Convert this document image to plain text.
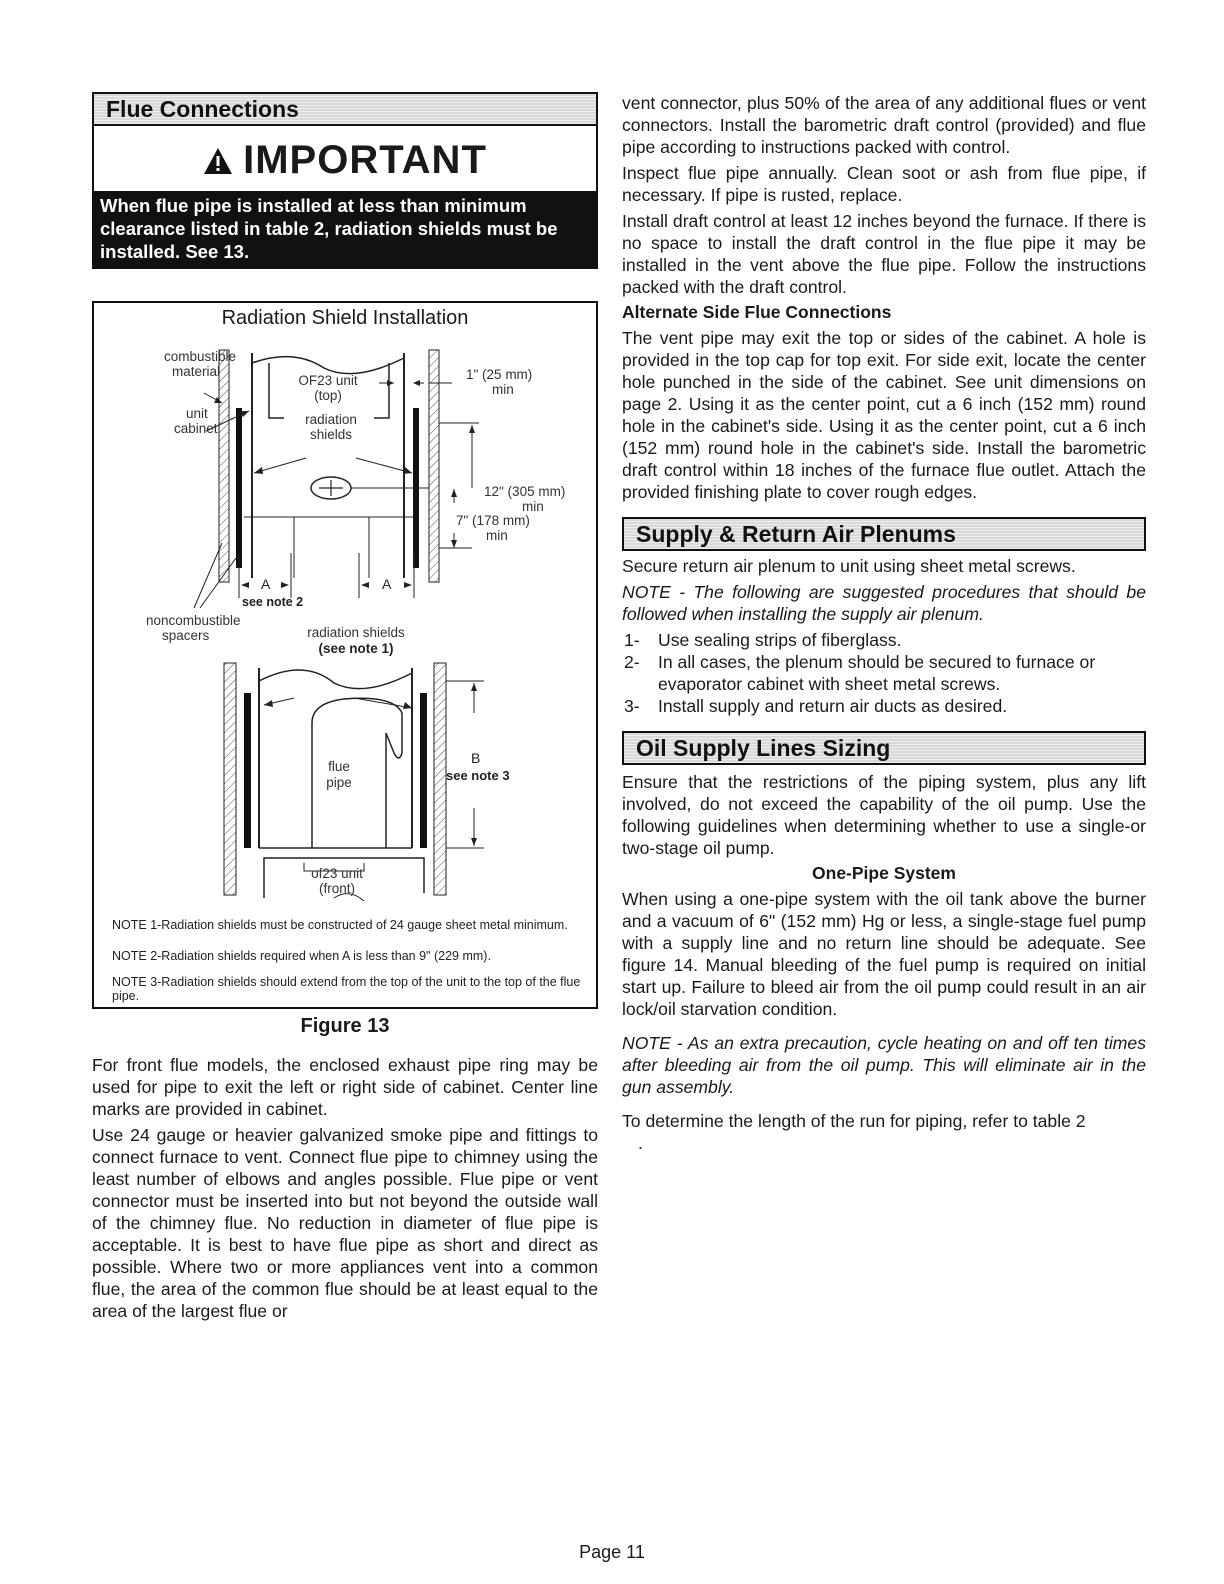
Flue Connections
IMPORTANT
When flue pipe is installed at less than minimum clearance listed in table 2, radiation shields must be installed. See 13.
Radiation Shield Installation
combustible
material
unit
cabinet
OF23 unit
(top)
radiation
shields
1" (25 mm)
min
12" (305 mm)
min
7" (178 mm)
min
A	A
see note 2
noncombustible
spacers	radiation shields
(see note 1)
flue
pipe
B
see note 3
of23 unit
(front)
NOTE 1-Radiation shields must be constructed of 24 gauge sheet metal minimum.
NOTE 2-Radiation shields required when A is less than 9" (229 mm).
NOTE 3-Radiation shields should extend from the top of the unit to the top of the flue pipe.
Figure 13

For front flue models, the enclosed exhaust pipe ring may be used for pipe to exit the left or right side of cabinet. Center line marks are provided in cabinet.

Use 24 gauge or heavier galvanized smoke pipe and fittings to connect furnace to vent. Connect flue pipe to chimney using the least number of elbows and angles possible. Flue pipe or vent connector must be inserted into but not beyond the outside wall of the chimney flue. No reduction in diameter of flue pipe is acceptable. It is best to have flue pipe as short and direct as possible. Where two or more appliances vent into a common flue, the area of the common flue should be at least equal to the area of the largest flue or

vent connector, plus 50% of the area of any additional flues or vent connectors. Install the barometric draft control (provided) and flue pipe according to instructions packed with control.

Inspect flue pipe annually. Clean soot or ash from flue pipe, if necessary. If pipe is rusted, replace.

Install draft control at least 12 inches beyond the furnace. If there is no space to install the draft control in the flue pipe it may be installed in the vent above the flue pipe. Follow the instructions packed with the draft control.

Alternate Side Flue Connections

The vent pipe may exit the top or sides of the cabinet. A hole is provided in the top cap for top exit. For side exit, locate the center hole punched in the side of the cabinet. See unit dimensions on page 2. Using it as the center point, cut a 6 inch (152 mm) round hole in the cabinet's side. Using it as the center point, cut a 6 inch (152 mm) round hole in the cabinet's side. Install the barometric draft control within 18 inches of the furnace flue outlet. Attach the provided finishing plate to cover rough edges.

Supply & Return Air Plenums

Secure return air plenum to unit using sheet metal screws.

NOTE - The following are suggested procedures that should be followed when installing the supply air plenum.

1-	Use sealing strips of fiberglass.
2-	In all cases, the plenum should be secured to furnace or evaporator cabinet with sheet metal screws.
3-	Install supply and return air ducts as desired.
Oil Supply Lines Sizing

Ensure that the restrictions of the piping system, plus any lift involved, do not exceed the capability of the oil pump. Use the following guidelines when determining whether to use a single-or two-stage oil pump.

One-Pipe System

When using a one-pipe system with the oil tank above the burner and a vacuum of 6" (152 mm) Hg or less, a single-stage fuel pump with a supply line and no return line should be adequate. See figure 14. Manual bleeding of the fuel pump is required on initial start up. Failure to bleed air from the oil pump could result in an air lock/oil starvation condition.

NOTE - As an extra precaution, cycle heating on and off ten times after bleeding air from the oil pump. This will eliminate air in the gun assembly.

To determine the length of the run for piping, refer to table 2

.

Page 11
